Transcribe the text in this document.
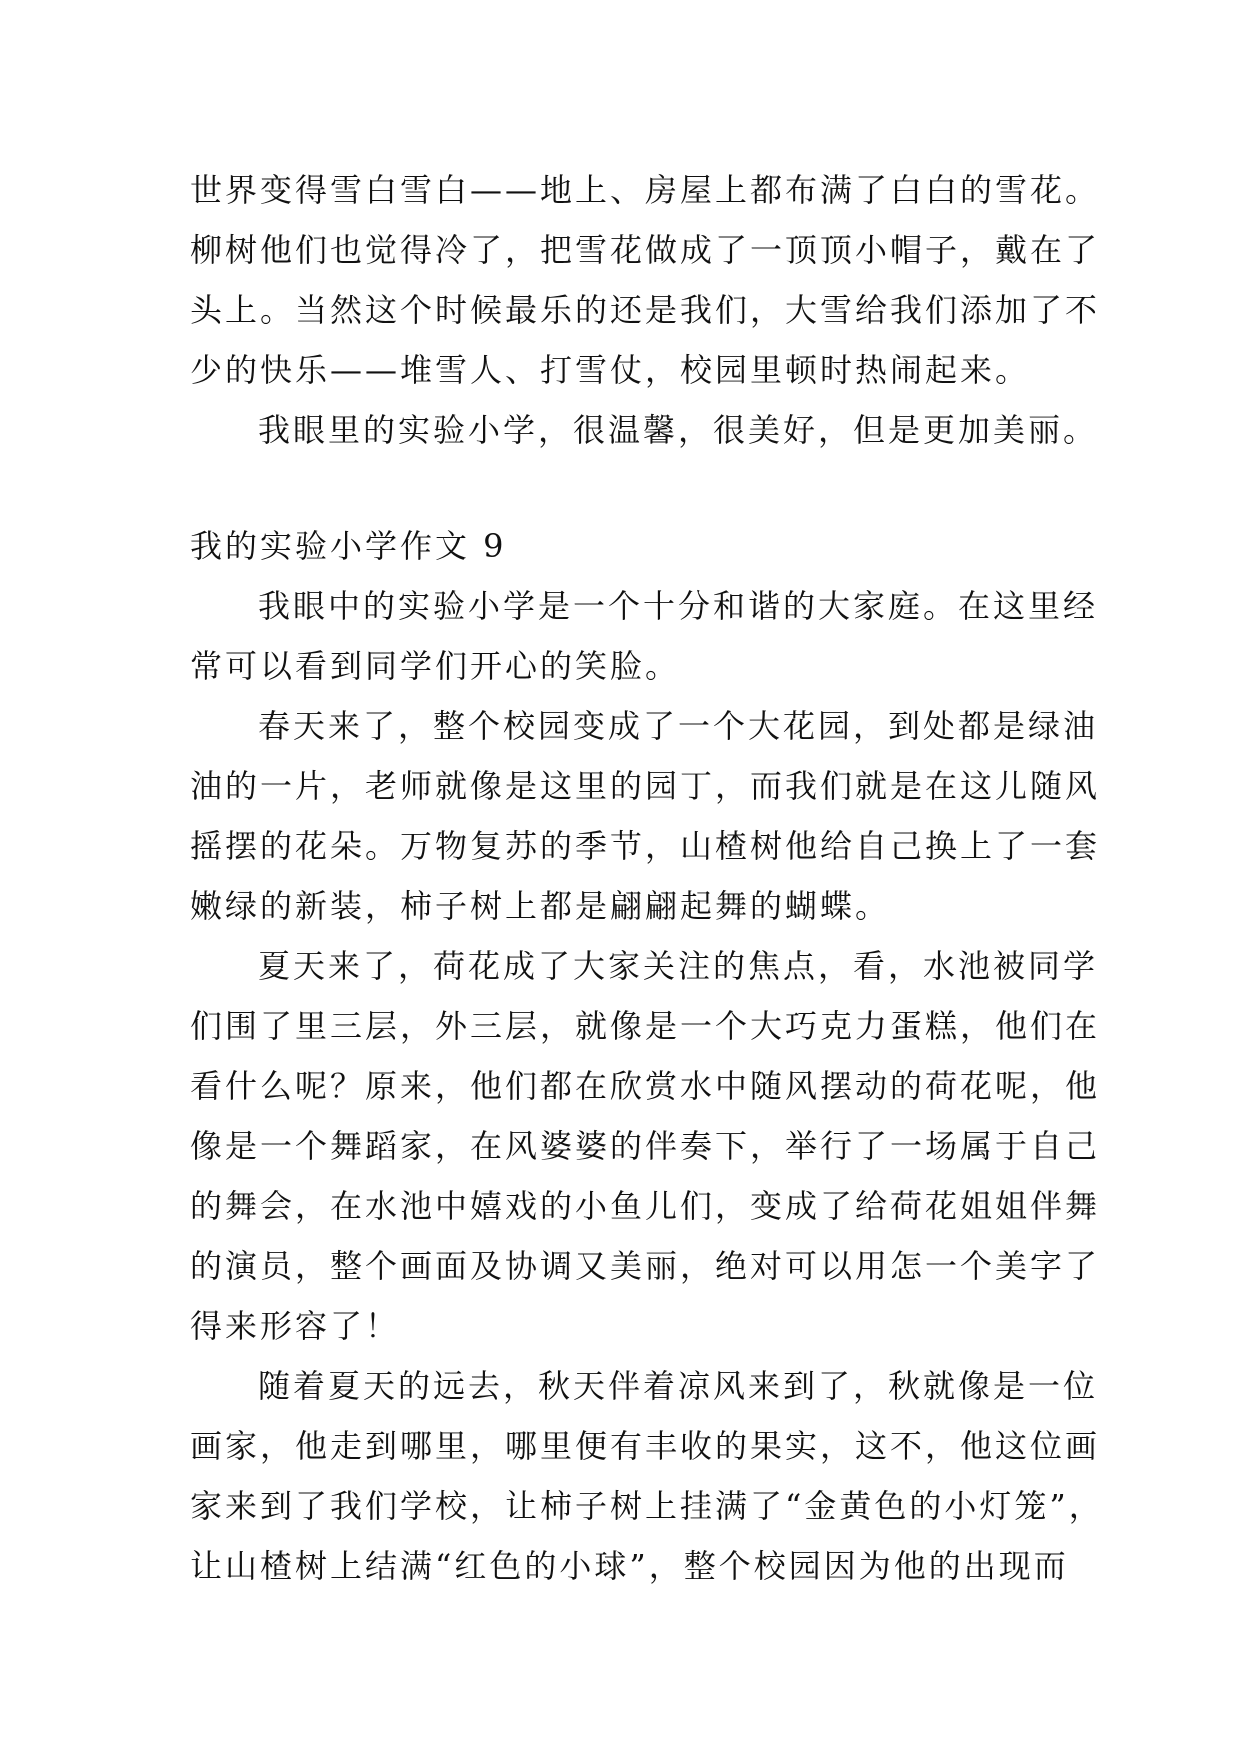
世界变得雪白雪白——地上、房屋上都布满了白白的雪花。
柳树他们也觉得冷了，把雪花做成了一顶顶小帽子，戴在了
头上。当然这个时候最乐的还是我们，大雪给我们添加了不
少的快乐——堆雪人、打雪仗，校园里顿时热闹起来。
我眼里的实验小学，很温馨，很美好，但是更加美丽。
我的实验小学作文 9
我眼中的实验小学是一个十分和谐的大家庭。在这里经
常可以看到同学们开心的笑脸。
春天来了，整个校园变成了一个大花园，到处都是绿油
油的一片，老师就像是这里的园丁，而我们就是在这儿随风
摇摆的花朵。万物复苏的季节，山楂树他给自己换上了一套
嫩绿的新装，柿子树上都是翩翩起舞的蝴蝶。
夏天来了，荷花成了大家关注的焦点，看，水池被同学
们围了里三层，外三层，就像是一个大巧克力蛋糕，他们在
看什么呢？原来，他们都在欣赏水中随风摆动的荷花呢，他
像是一个舞蹈家，在风婆婆的伴奏下，举行了一场属于自己
的舞会，在水池中嬉戏的小鱼儿们，变成了给荷花姐姐伴舞
的演员，整个画面及协调又美丽，绝对可以用怎一个美字了
得来形容了！
随着夏天的远去，秋天伴着凉风来到了，秋就像是一位
画家，他走到哪里，哪里便有丰收的果实，这不，他这位画
家来到了我们学校，让柿子树上挂满了“金黄色的小灯笼”，
让山楂树上结满“红色的小球”，整个校园因为他的出现而
